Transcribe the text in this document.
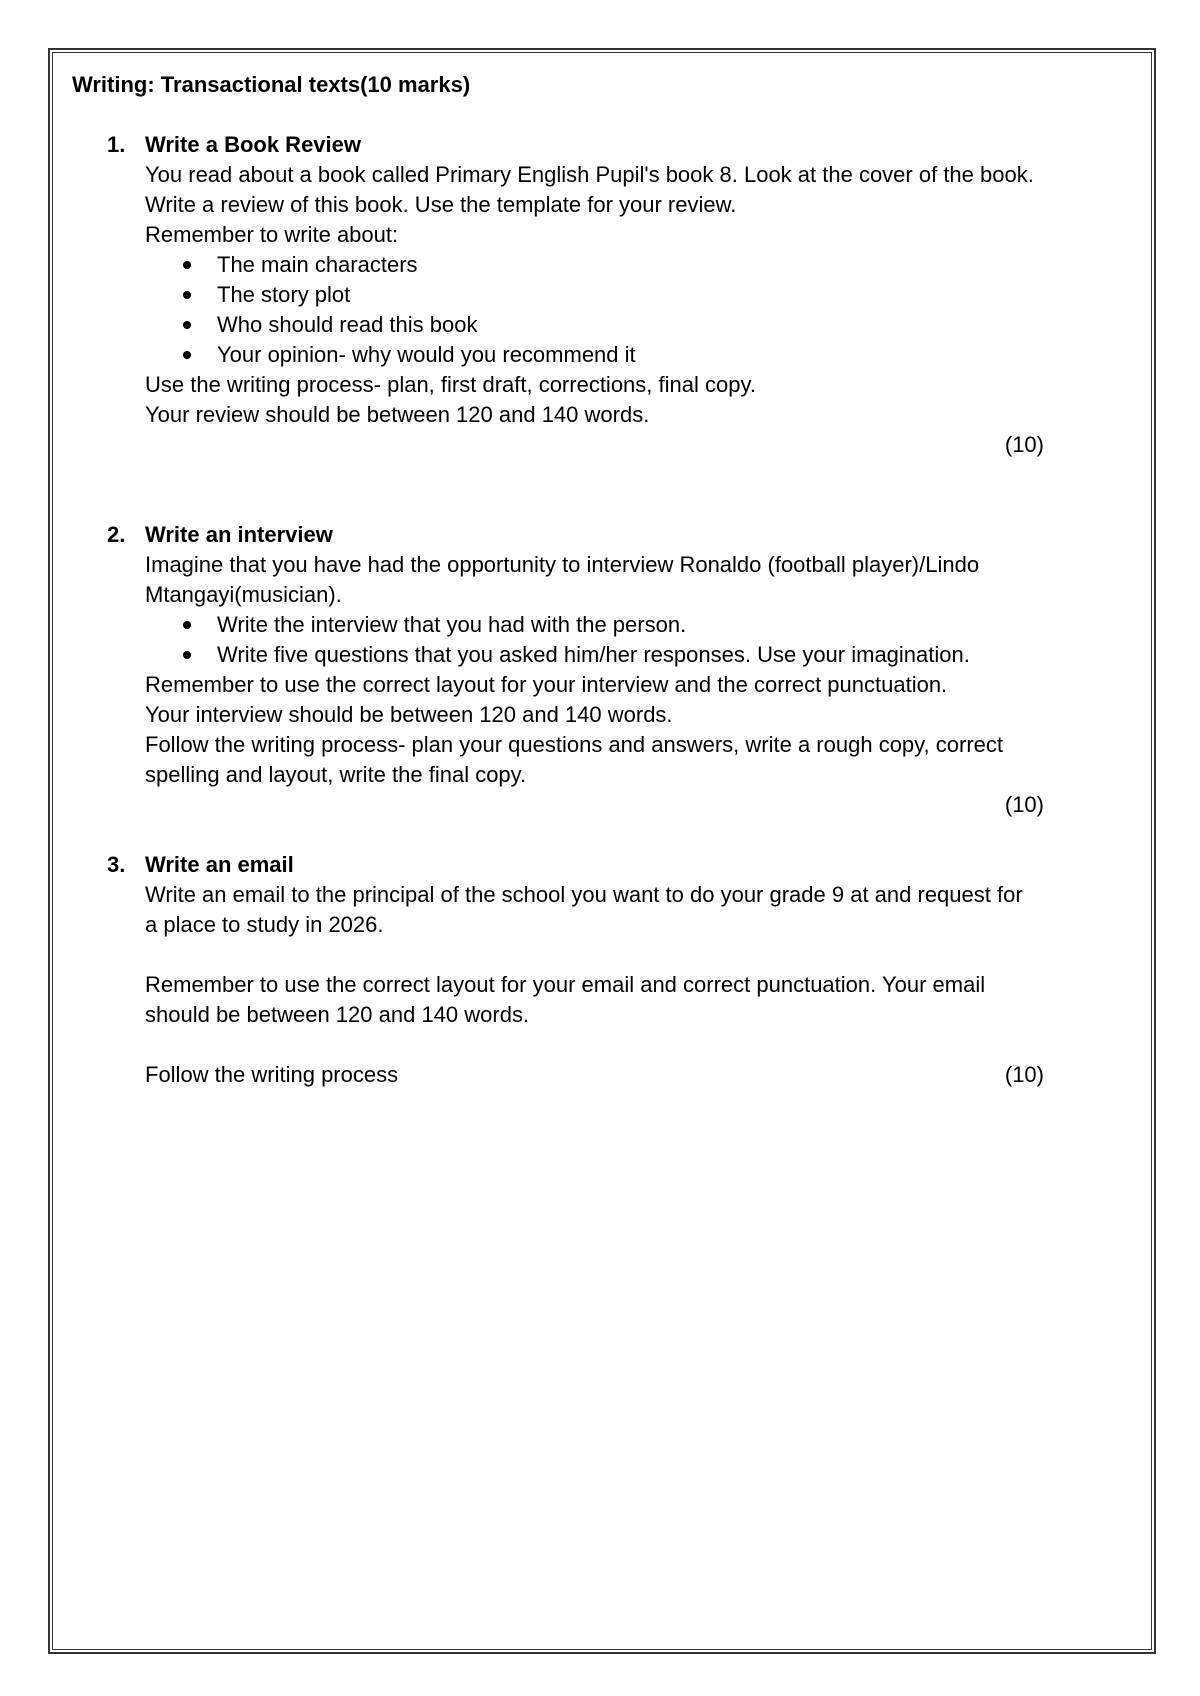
Writing: Transactional texts(10 marks)
1. Write a Book Review
You read about a book called Primary English Pupil's book 8. Look at the cover of the book.
Write a review of this book. Use the template for your review.
Remember to write about:
The main characters
The story plot
Who should read this book
Your opinion- why would you recommend it
Use the writing process- plan, first draft, corrections, final copy.
Your review should be between 120 and 140 words.
(10)
2. Write an interview
Imagine that you have had the opportunity to interview Ronaldo (football player)/Lindo
Mtangayi(musician).
Write the interview that you had with the person.
Write five questions that you asked him/her responses. Use your imagination.
Remember to use the correct layout for your interview and the correct punctuation.
Your interview should be between 120 and 140 words.
Follow the writing process- plan your questions and answers, write a rough copy, correct
spelling and layout, write the final copy.
(10)
3. Write an email
Write an email to the principal of the school you want to do your grade 9 at and request for
a place to study in 2026.
Remember to use the correct layout for your email and correct punctuation. Your email
should be between 120 and 140 words.
Follow the writing process	(10)
